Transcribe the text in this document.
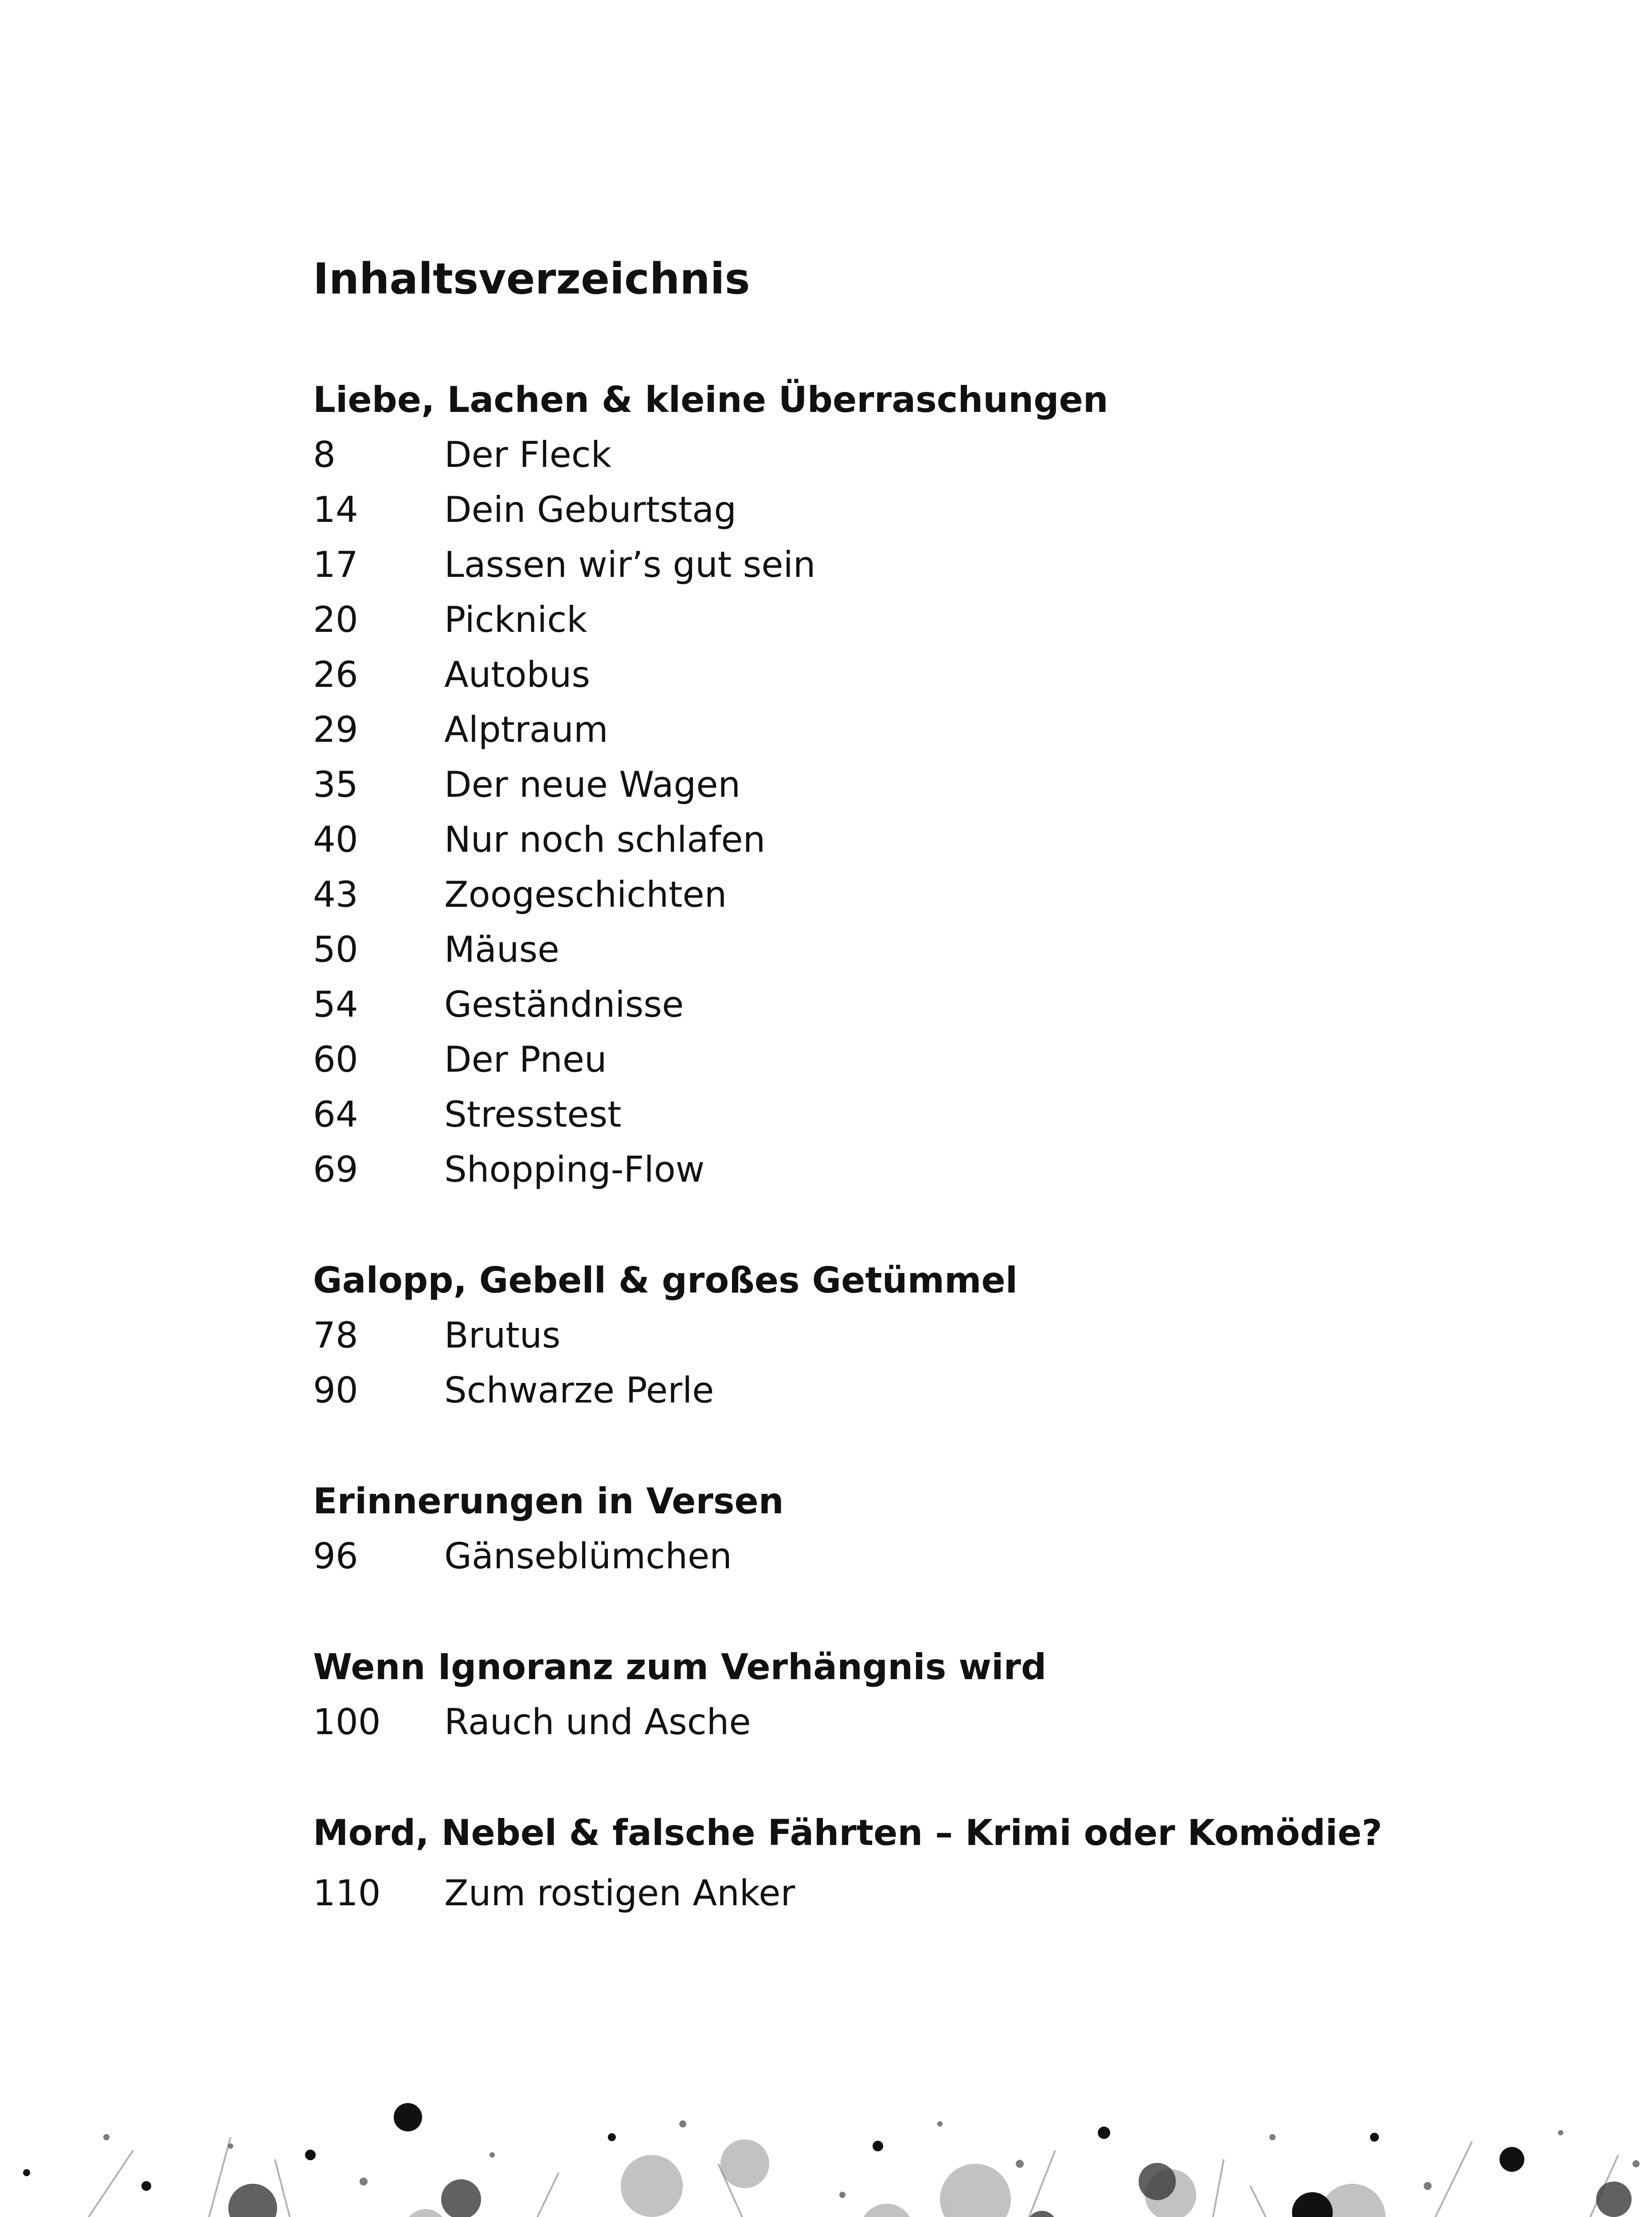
Inhaltsverzeichnis
Liebe, Lachen & kleine Überraschungen
8	Der Fleck
14	Dein Geburtstag
17	Lassen wir’s gut sein
20	Picknick
26	Autobus
29	Alptraum
35	Der neue Wagen
40	Nur noch schlafen
43	Zoogeschichten
50	Mäuse
54	Geständnisse
60	Der Pneu
64	Stresstest
69	Shopping-Flow
Galopp, Gebell & großes Getümmel
78	Brutus
90	Schwarze Perle
Erinnerungen in Versen
96	Gänseblümchen
Wenn Ignoranz zum Verhängnis wird
100	Rauch und Asche
Mord, Nebel & falsche Fährten – Krimi oder Komödie?
110	Zum rostigen Anker
